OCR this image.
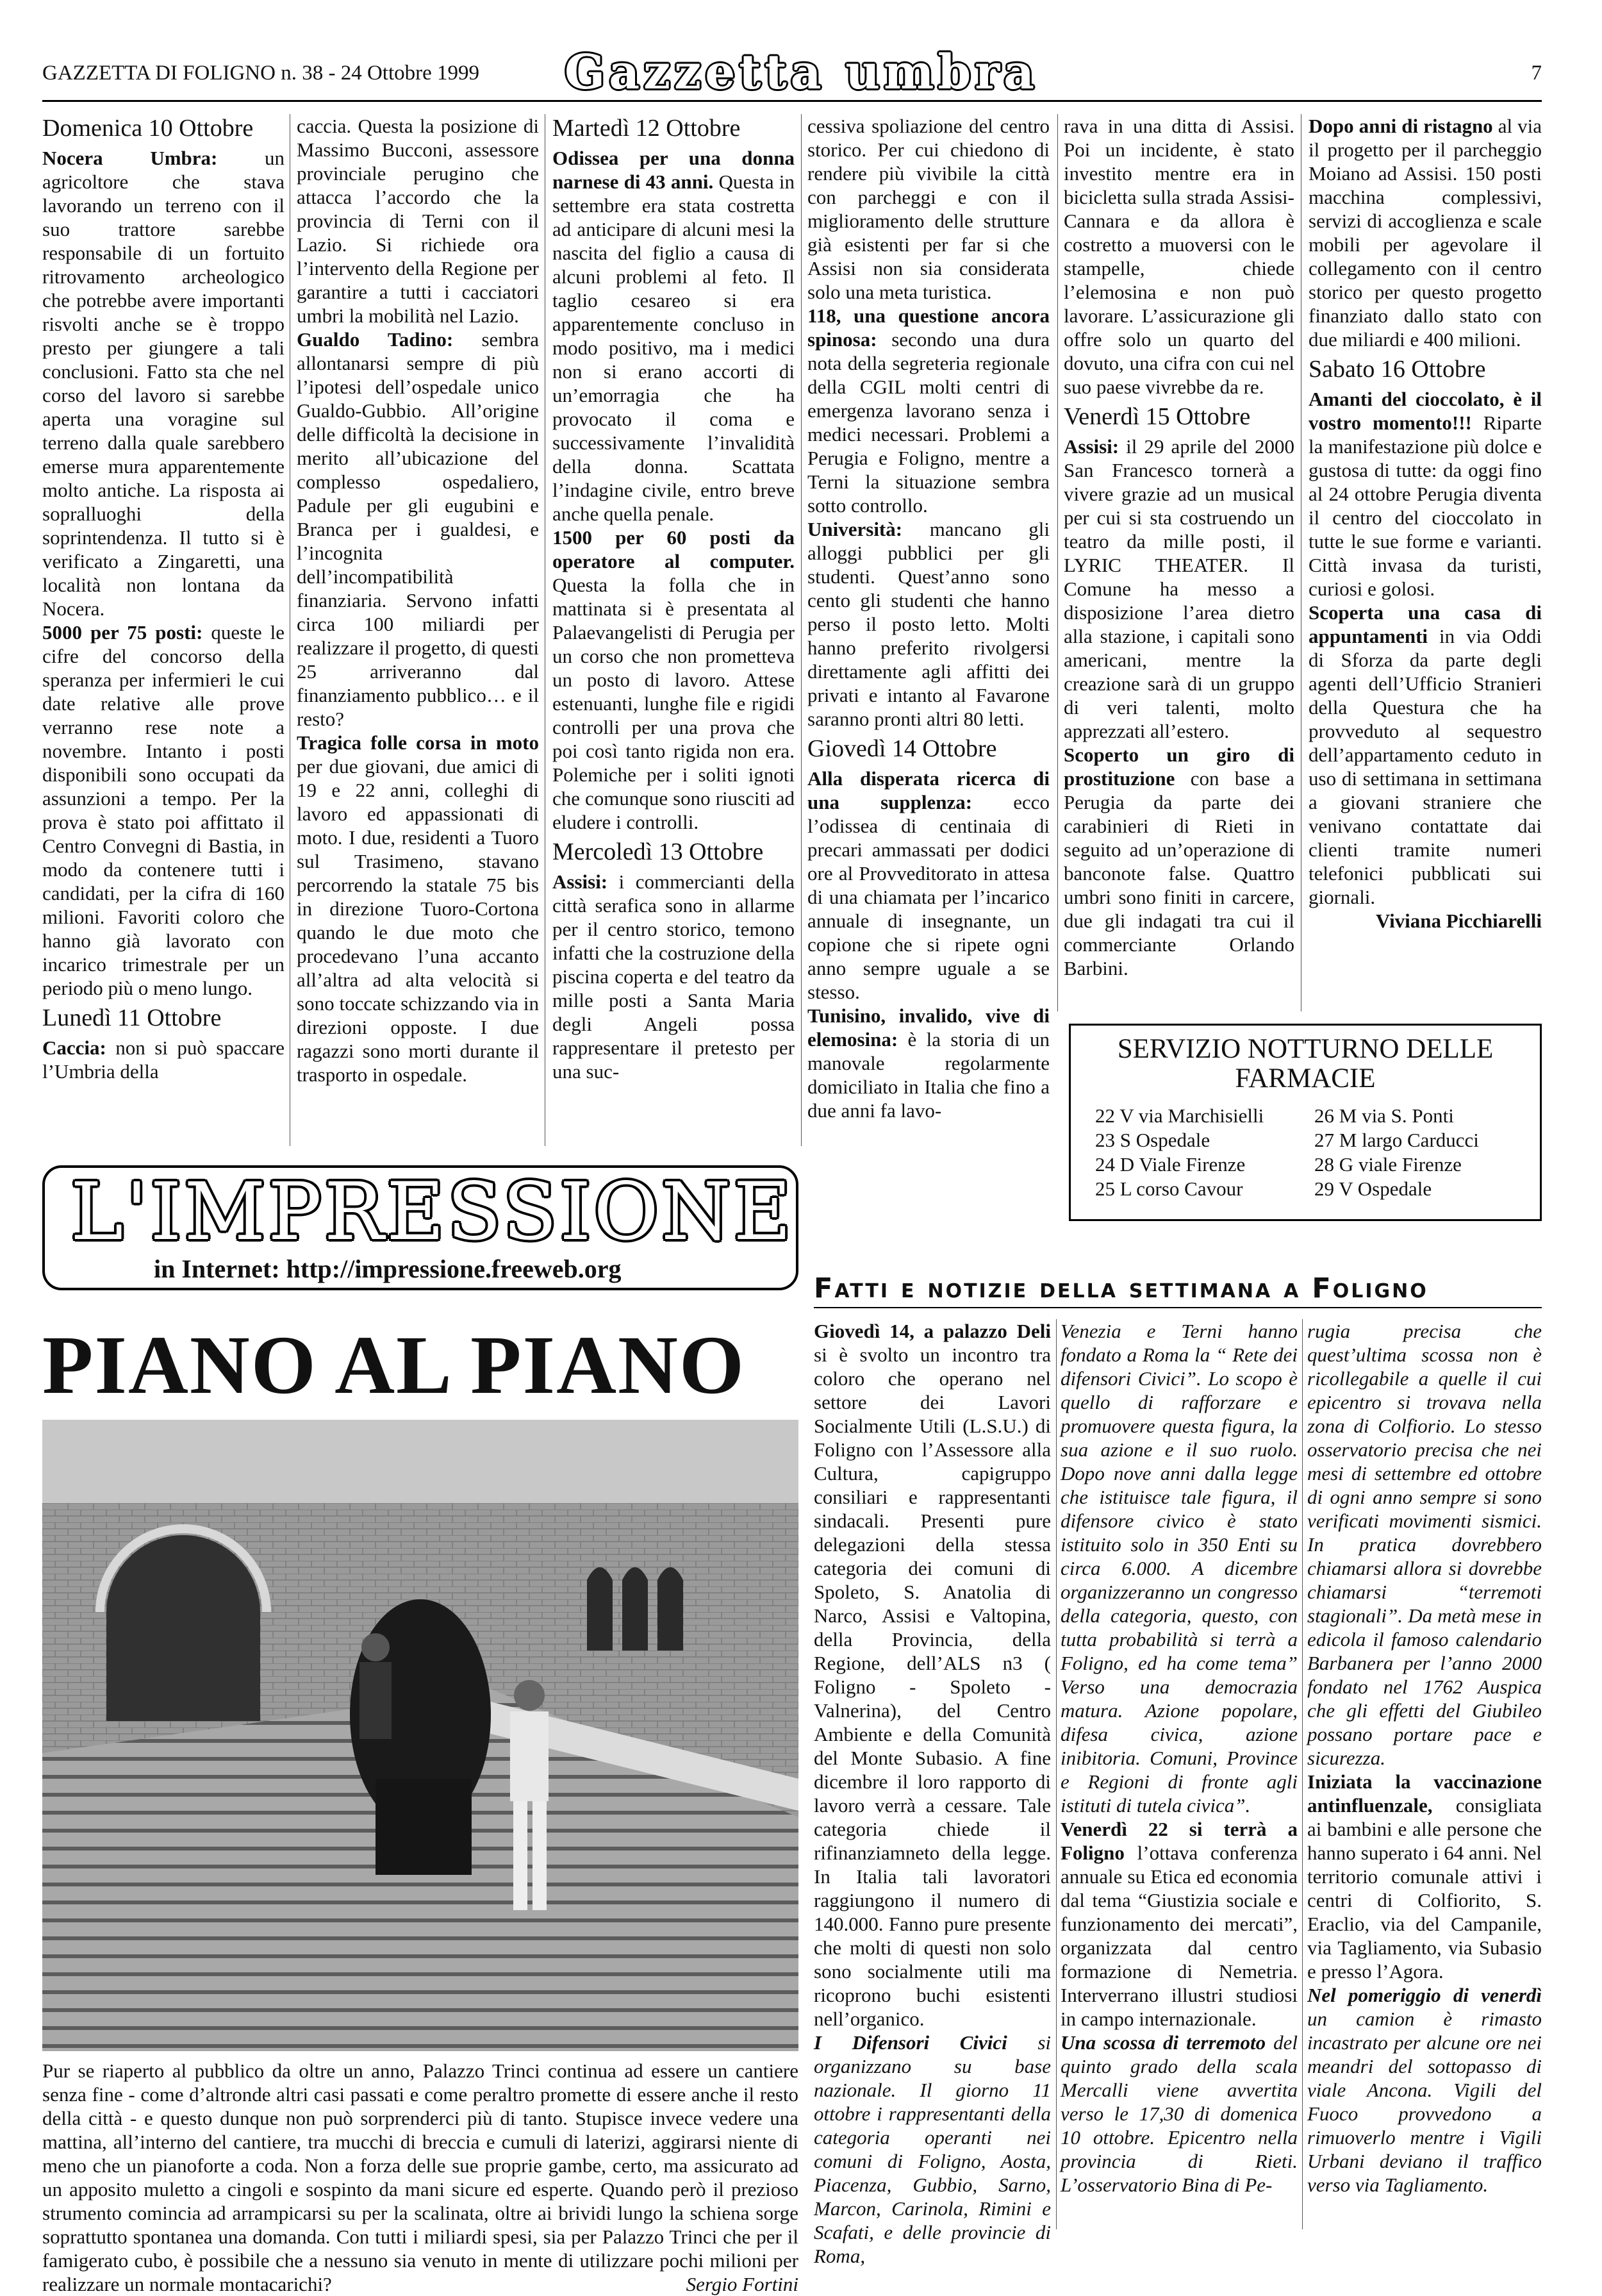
GAZZETTA DI FOLIGNO n. 38 - 24 Ottobre 1999 Gazzetta umbra	7
Domenica 10 Ottobre

Nocera Umbra: un agricoltore che stava lavorando un terreno con il suo trattore sarebbe responsabile di un fortuito ritrovamento archeologico che potrebbe avere importanti risvolti anche se è troppo presto per giungere a tali conclusioni. Fatto sta che nel corso del lavoro si sarebbe aperta una voragine sul terreno dalla quale sarebbero emerse mura apparentemente molto antiche. La risposta ai sopralluoghi della soprintendenza. Il tutto si è verificato a Zingaretti, una località non lontana da Nocera.

5000 per 75 posti: queste le cifre del concorso della speranza per infermieri le cui date relative alle prove verranno rese note a novembre. Intanto i posti disponibili sono occupati da assunzioni a tempo. Per la prova è stato poi affittato il Centro Convegni di Bastia, in modo da contenere tutti i candidati, per la cifra di 160 milioni. Favoriti coloro che hanno già lavorato con incarico trimestrale per un periodo più o meno lungo.

Lunedì 11 Ottobre

Caccia: non si può spaccare l’Umbria della

caccia. Questa la posizione di Massimo Bucconi, assessore provinciale perugino che attacca l’accordo che la provincia di Terni con il Lazio. Si richiede ora l’intervento della Regione per garantire a tutti i cacciatori umbri la mobilità nel Lazio.

Gualdo Tadino: sembra allontanarsi sempre di più l’ipotesi dell’ospedale unico Gualdo-Gubbio. All’origine delle difficoltà la decisione in merito all’ubicazione del complesso ospedaliero, Padule per gli eugubini e Branca per i gualdesi, e l’incognita dell’incompatibilità finanziaria. Servono infatti circa 100 miliardi per realizzare il progetto, di questi 25 arriveranno dal finanziamento pubblico… e il resto?

Tragica folle corsa in moto per due giovani, due amici di 19 e 22 anni, colleghi di lavoro ed appassionati di moto. I due, residenti a Tuoro sul Trasimeno, stavano percorrendo la statale 75 bis in direzione Tuoro-Cortona quando le due moto che procedevano l’una accanto all’altra ad alta velocità si sono toccate schizzando via in direzioni opposte. I due ragazzi sono morti durante il trasporto in ospedale.

Martedì 12 Ottobre

Odissea per una donna narnese di 43 anni. Questa in settembre era stata costretta ad anticipare di alcuni mesi la nascita del figlio a causa di alcuni problemi al feto. Il taglio cesareo si era apparentemente concluso in modo positivo, ma i medici non si erano accorti di un’emorragia che ha provocato il coma e successivamente l’invalidità della donna. Scattata l’indagine civile, entro breve anche quella penale.

1500 per 60 posti da operatore al computer. Questa la folla che in mattinata si è presentata al Palaevangelisti di Perugia per un corso che non prometteva un posto di lavoro. Attese estenuanti, lunghe file e rigidi controlli per una prova che poi così tanto rigida non era. Polemiche per i soliti ignoti che comunque sono riusciti ad eludere i controlli.

Mercoledì 13 Ottobre

Assisi: i commercianti della città serafica sono in allarme per il centro storico, temono infatti che la costruzione della piscina coperta e del teatro da mille posti a Santa Maria degli Angeli possa rappresentare il pretesto per una suc-

cessiva spoliazione del centro storico. Per cui chiedono di rendere più vivibile la città con parcheggi e con il miglioramento delle strutture già esistenti per far si che Assisi non sia considerata solo una meta turistica.

118, una questione ancora spinosa: secondo una dura nota della segreteria regionale della CGIL molti centri di emergenza lavorano senza i medici necessari. Problemi a Perugia e Foligno, mentre a Terni la situazione sembra sotto controllo.

Università: mancano gli alloggi pubblici per gli studenti. Quest’anno sono cento gli studenti che hanno perso il posto letto. Molti hanno preferito rivolgersi direttamente agli affitti dei privati e intanto al Favarone saranno pronti altri 80 letti.

Giovedì 14 Ottobre

Alla disperata ricerca di una supplenza: ecco l’odissea di centinaia di precari ammassati per dodici ore al Provveditorato in attesa di una chiamata per l’incarico annuale di insegnante, un copione che si ripete ogni anno sempre uguale a se stesso.

Tunisino, invalido, vive di elemosina: è la storia di un manovale regolarmente domiciliato in Italia che fino a due anni fa lavo-

rava in una ditta di Assisi. Poi un incidente, è stato investito mentre era in bicicletta sulla strada Assisi-Cannara e da allora è costretto a muoversi con le stampelle, chiede l’elemosina e non può lavorare. L’assicurazione gli offre solo un quarto del dovuto, una cifra con cui nel suo paese vivrebbe da re.

Venerdì 15 Ottobre

Assisi: il 29 aprile del 2000 San Francesco tornerà a vivere grazie ad un musical per cui si sta costruendo un teatro da mille posti, il LYRIC THEATER. Il Comune ha messo a disposizione l’area dietro alla stazione, i capitali sono americani, mentre la creazione sarà di un gruppo di veri talenti, molto apprezzati all’estero.

Scoperto un giro di prostituzione con base a Perugia da parte dei carabinieri di Rieti in seguito ad un’operazione di banconote false. Quattro umbri sono finiti in carcere, due gli indagati tra cui il commerciante Orlando Barbini.

Dopo anni di ristagno al via il progetto per il parcheggio Moiano ad Assisi. 150 posti macchina complessivi, servizi di accoglienza e scale mobili per agevolare il collegamento con il centro storico per questo progetto finanziato dallo stato con due miliardi e 400 milioni.

Sabato 16 Ottobre

Amanti del cioccolato, è il vostro momento!!! Riparte la manifestazione più dolce e gustosa di tutte: da oggi fino al 24 ottobre Perugia diventa il centro del cioccolato in tutte le sue forme e varianti. Città invasa da turisti, curiosi e golosi.

Scoperta una casa di appuntamenti in via Oddi di Sforza da parte degli agenti dell’Ufficio Stranieri della Questura che ha provveduto al sequestro dell’appartamento ceduto in uso di settimana in settimana a giovani straniere che venivano contattate dai clienti tramite numeri telefonici pubblicati sui giornali.

Viviana Picchiarelli

SERVIZIO NOTTURNO DELLE FARMACIE
22 V via Marchisielli	26 M via S. Ponti
23 S Ospedale	27 M largo Carducci
24 D Viale Firenze	28 G viale Firenze
25 L corso Cavour	29 V Ospedale
L'IMPRESSIONE
in Internet: http://impressione.freeweb.org
PIANO AL PIANO
Pur se riaperto al pubblico da oltre un anno, Palazzo Trinci continua ad essere un cantiere senza fine - come d’altronde altri casi passati e come peraltro promette di essere anche il resto della città - e questo dunque non può sorprenderci più di tanto. Stupisce invece vedere una mattina, all’interno del cantiere, tra mucchi di breccia e cumuli di laterizi, aggirarsi niente di meno che un pianoforte a coda. Non a forza delle sue proprie gambe, certo, ma assicurato ad un apposito muletto a cingoli e sospinto da mani sicure ed esperte. Quando però il prezioso strumento comincia ad arrampicarsi su per la scalinata, oltre ai brividi lungo la schiena sorge soprattutto spontanea una domanda. Con tutti i miliardi spesi, sia per Palazzo Trinci che per il famigerato cubo, è possibile che a nessuno sia venuto in mente di utilizzare pochi milioni per realizzare un normale montacarichi?	Sergio Fortini
Fatti e notizie della settimana a Foligno

Giovedì 14, a palazzo Deli si è svolto un incontro tra coloro che operano nel settore dei Lavori Socialmente Utili (L.S.U.) di Foligno con l’Assessore alla Cultura, capigruppo consiliari e rappresentanti sindacali. Presenti pure delegazioni della stessa categoria dei comuni di Spoleto, S. Anatolia di Narco, Assisi e Valtopina, della Provincia, della Regione, dell’ALS n3 ( Foligno - Spoleto - Valnerina), del Centro Ambiente e della Comunità del Monte Subasio. A fine dicembre il loro rapporto di lavoro verrà a cessare. Tale categoria chiede il rifinanziamneto della legge. In Italia tali lavoratori raggiungono il numero di 140.000. Fanno pure presente che molti di questi non solo sono socialmente utili ma ricoprono buchi esistenti nell’organico.

I Difensori Civici si organizzano su base nazionale. Il giorno 11 ottobre i rappresentanti della categoria operanti nei comuni di Foligno, Aosta, Piacenza, Gubbio, Sarno, Marcon, Carinola, Rimini e Scafati, e delle provincie di Roma,

Venezia e Terni hanno fondato a Roma la “ Rete dei difensori Civici”. Lo scopo è quello di rafforzare e promuovere questa figura, la sua azione e il suo ruolo. Dopo nove anni dalla legge che istituisce tale figura, il difensore civico è stato istituito solo in 350 Enti su circa 6.000. A dicembre organizzeranno un congresso della categoria, questo, con tutta probabilità si terrà a Foligno, ed ha come tema” Verso una democrazia matura. Azione popolare, difesa civica, azione inibitoria. Comuni, Province e Regioni di fronte agli istituti di tutela civica”.

Venerdì 22 si terrà a Foligno l’ottava conferenza annuale su Etica ed economia dal tema “Giustizia sociale e funzionamento dei mercati”, organizzata dal centro formazione di Nemetria. Interverrano illustri studiosi in campo internazionale.

Una scossa di terremoto del quinto grado della scala Mercalli viene avvertita verso le 17,30 di domenica 10 ottobre. Epicentro nella provincia di Rieti. L’osservatorio Bina di Pe-

rugia precisa che quest’ultima scossa non è ricollegabile a quelle il cui epicentro si trovava nella zona di Colfiorio. Lo stesso osservatorio precisa che nei mesi di settembre ed ottobre di ogni anno sempre si sono verificati movimenti sismici. In pratica dovrebbero chiamarsi allora si dovrebbe chiamarsi “terremoti stagionali”. Da metà mese in edicola il famoso calendario Barbanera per l’anno 2000 fondato nel 1762 Auspica che gli effetti del Giubileo possano portare pace e sicurezza.

Iniziata la vaccinazione antinfluenzale, consigliata ai bambini e alle persone che hanno superato i 64 anni. Nel territorio comunale attivi i centri di Colfiorito, S. Eraclio, via del Campanile, via Tagliamento, via Subasio e presso l’Agora.

Nel pomeriggio di venerdì un camion è rimasto incastrato per alcune ore nei meandri del sottopasso di viale Ancona. Vigili del Fuoco provvedono a rimuoverlo mentre i Vigili Urbani deviano il traffico verso via Tagliamento.
